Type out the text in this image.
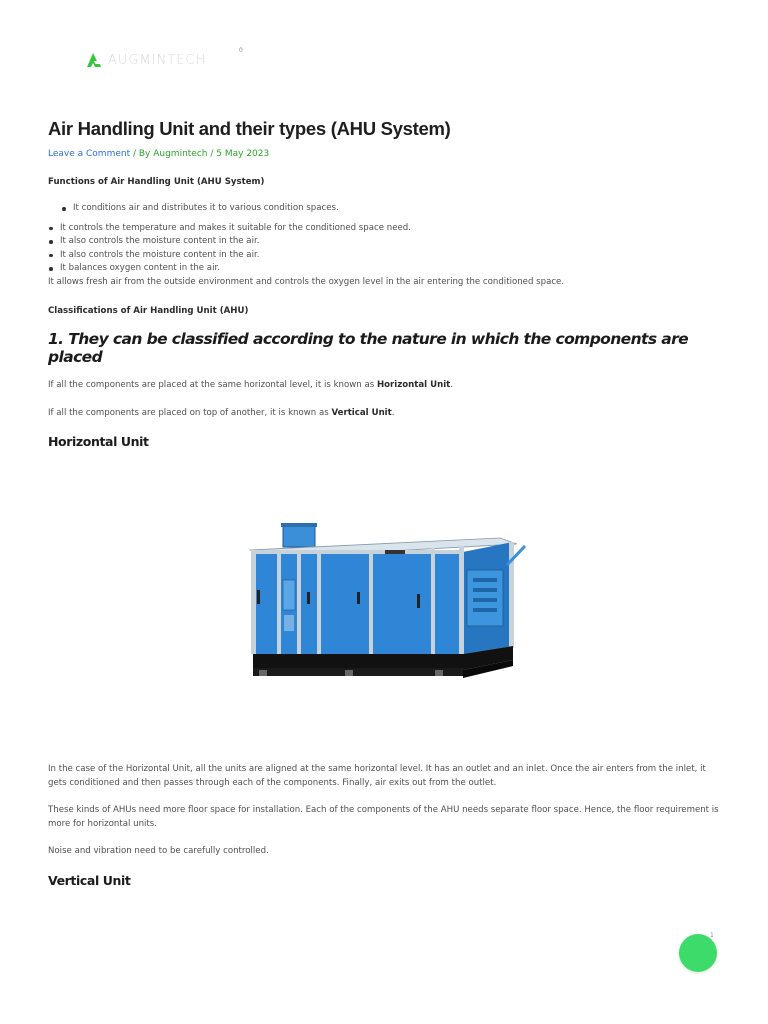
AUGMINTECH
0
Air Handling Unit and their types (AHU System)
Leave a Comment / By Augmintech / 5 May 2023
Functions of Air Handling Unit (AHU System)
It conditions air and distributes it to various condition spaces.
It controls the temperature and makes it suitable for the conditioned space need.
It also controls the moisture content in the air.
It also controls the moisture content in the air.
It balances oxygen content in the air.
It allows fresh air from the outside environment and controls the oxygen level in the air entering the conditioned space.
Classifications of Air Handling Unit (AHU)
1. They can be classified according to the nature in which the components are placed
If all the components are placed at the same horizontal level, it is known as Horizontal Unit.
If all the components are placed on top of another, it is known as Vertical Unit.
Horizontal Unit
In the case of the Horizontal Unit, all the units are aligned at the same horizontal level. It has an outlet and an inlet. Once the air enters from the inlet, it gets conditioned and then passes through each of the components. Finally, air exits out from the outlet.
These kinds of AHUs need more floor space for installation. Each of the components of the AHU needs separate floor space. Hence, the floor requirement is more for horizontal units.
Noise and vibration need to be carefully controlled.
Vertical Unit
1
